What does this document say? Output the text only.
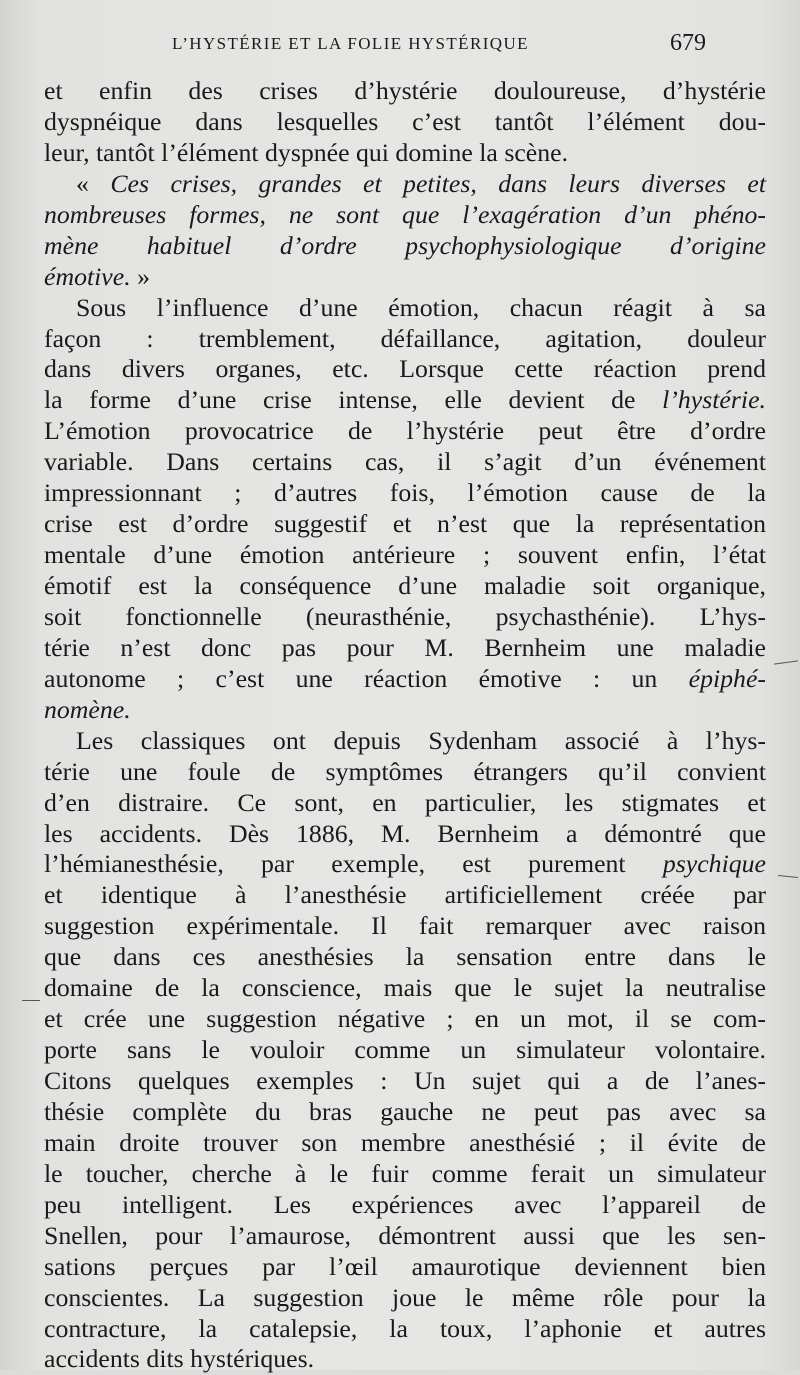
L’HYSTÉRIE ET LA FOLIE HYSTÉRIQUE	679
et enfin des crises d’hystérie douloureuse, d’hystérie
dyspnéique dans lesquelles c’est tantôt l’élément dou-
leur, tantôt l’élément dyspnée qui domine la scène.
« Ces crises, grandes et petites, dans leurs diverses et
nombreuses formes, ne sont que l’exagération d’un phéno-
mène habituel d’ordre psychophysiologique d’origine
émotive. »
Sous l’influence d’une émotion, chacun réagit à sa
façon : tremblement, défaillance, agitation, douleur
dans divers organes, etc. Lorsque cette réaction prend
la forme d’une crise intense, elle devient de l’hystérie.
L’émotion provocatrice de l’hystérie peut être d’ordre
variable. Dans certains cas, il s’agit d’un événement
impressionnant ; d’autres fois, l’émotion cause de la
crise est d’ordre suggestif et n’est que la représentation
mentale d’une émotion antérieure ; souvent enfin, l’état
émotif est la conséquence d’une maladie soit organique,
soit fonctionnelle (neurasthénie, psychasthénie). L’hys-
térie n’est donc pas pour M. Bernheim une maladie
autonome ; c’est une réaction émotive : un épiphé-
nomène.
Les classiques ont depuis Sydenham associé à l’hys-
térie une foule de symptômes étrangers qu’il convient
d’en distraire. Ce sont, en particulier, les stigmates et
les accidents. Dès 1886, M. Bernheim a démontré que
l’hémianesthésie, par exemple, est purement psychique
et identique à l’anesthésie artificiellement créée par
suggestion expérimentale. Il fait remarquer avec raison
que dans ces anesthésies la sensation entre dans le
domaine de la conscience, mais que le sujet la neutralise
et crée une suggestion négative ; en un mot, il se com-
porte sans le vouloir comme un simulateur volontaire.
Citons quelques exemples : Un sujet qui a de l’anes-
thésie complète du bras gauche ne peut pas avec sa
main droite trouver son membre anesthésié ; il évite de
le toucher, cherche à le fuir comme ferait un simulateur
peu intelligent. Les expériences avec l’appareil de
Snellen, pour l’amaurose, démontrent aussi que les sen-
sations perçues par l’œil amaurotique deviennent bien
conscientes. La suggestion joue le même rôle pour la
contracture, la catalepsie, la toux, l’aphonie et autres
accidents dits hystériques.
